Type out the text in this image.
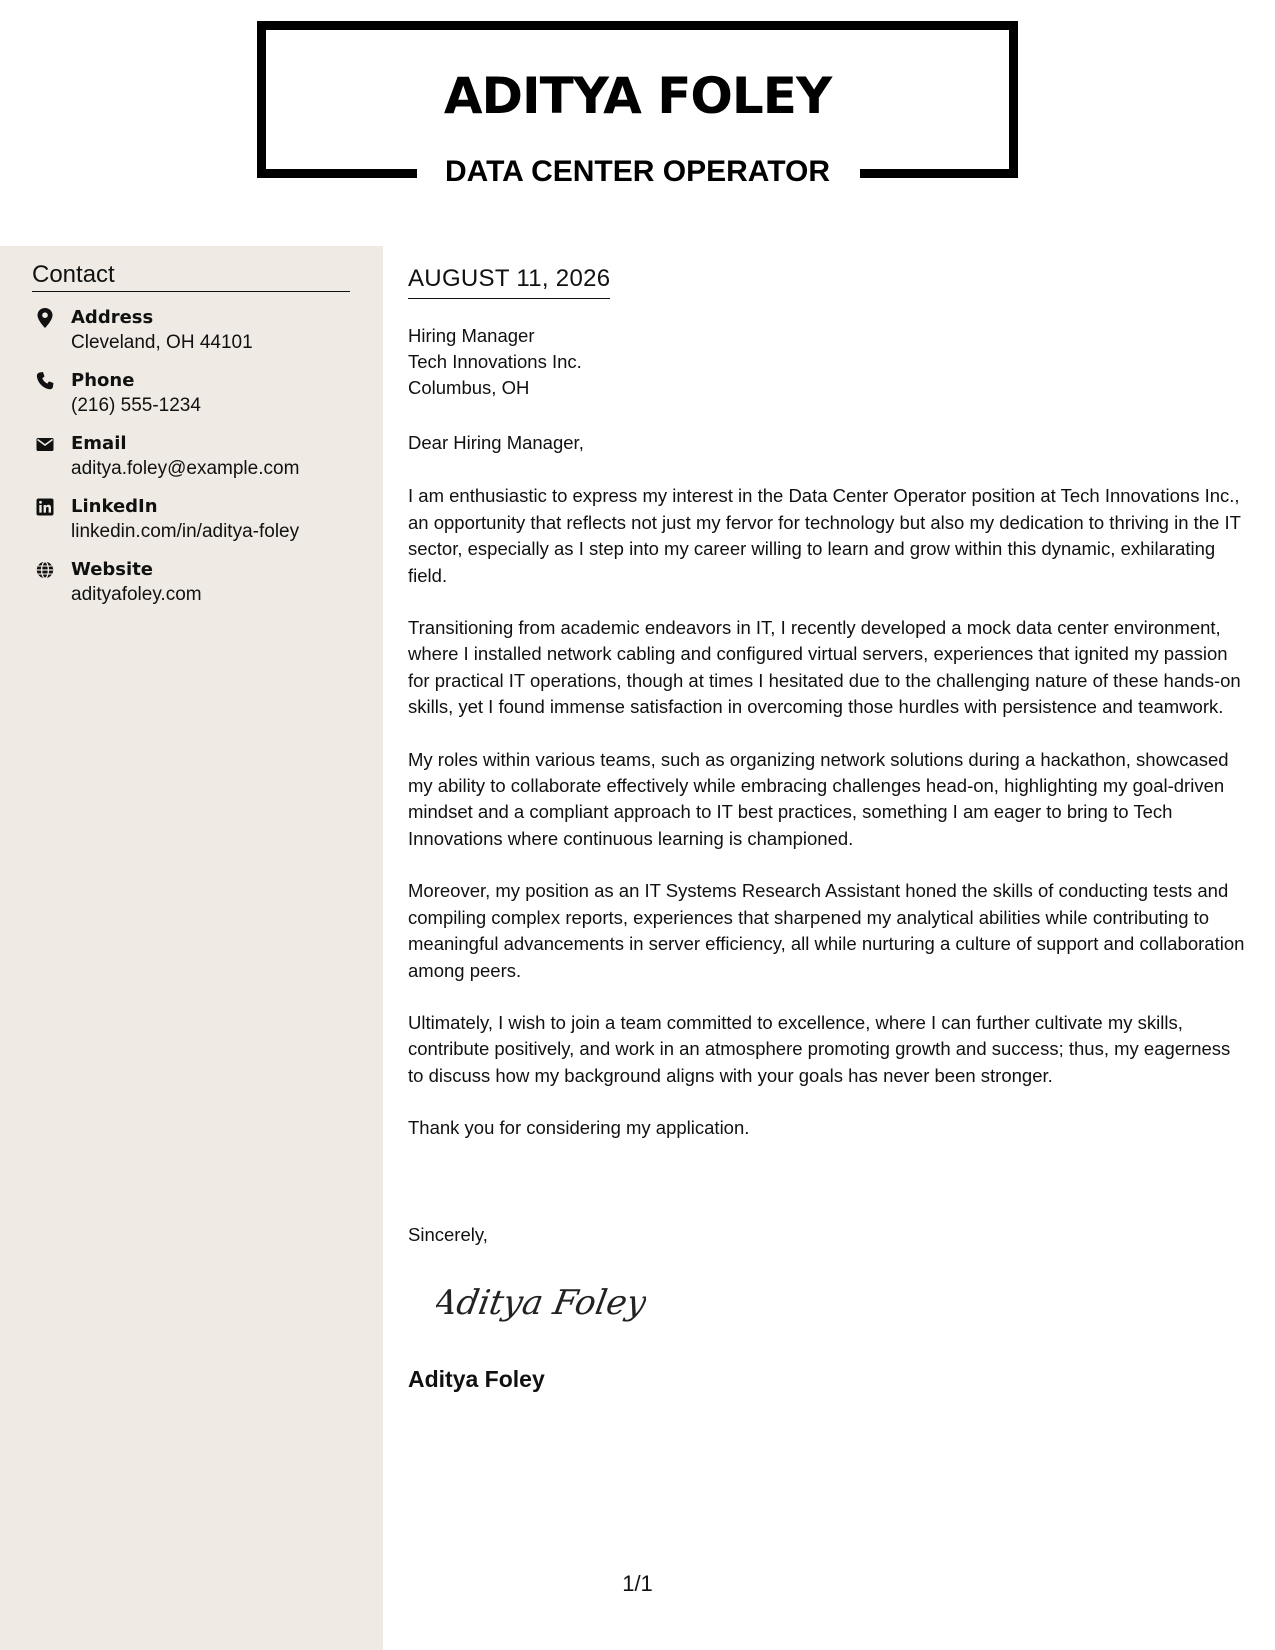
ADITYA FOLEY
DATA CENTER OPERATOR
Contact
Address
Cleveland, OH 44101
Phone
(216) 555-1234
Email
aditya.foley@example.com
LinkedIn
linkedin.com/in/aditya-foley
Website
adityafoley.com
AUGUST 11, 2026
Hiring Manager
Tech Innovations Inc.
Columbus, OH

Dear Hiring Manager,

I am enthusiastic to express my interest in the Data Center Operator position at Tech Innovations Inc., an opportunity that reflects not just my fervor for technology but also my dedication to thriving in the IT sector, especially as I step into my career willing to learn and grow within this dynamic, exhilarating field.

Transitioning from academic endeavors in IT, I recently developed a mock data center environment, where I installed network cabling and configured virtual servers, experiences that ignited my passion for practical IT operations, though at times I hesitated due to the challenging nature of these hands-on skills, yet I found immense satisfaction in overcoming those hurdles with persistence and teamwork.

My roles within various teams, such as organizing network solutions during a hackathon, showcased my ability to collaborate effectively while embracing challenges head-on, highlighting my goal-driven mindset and a compliant approach to IT best practices, something I am eager to bring to Tech Innovations where continuous learning is championed.

Moreover, my position as an IT Systems Research Assistant honed the skills of conducting tests and compiling complex reports, experiences that sharpened my analytical abilities while contributing to meaningful advancements in server efficiency, all while nurturing a culture of support and collaboration among peers.

Ultimately, I wish to join a team committed to excellence, where I can further cultivate my skills, contribute positively, and work in an atmosphere promoting growth and success; thus, my eagerness to discuss how my background aligns with your goals has never been stronger.

Thank you for considering my application.

Sincerely,
Aditya Foley
Aditya Foley
1/1
